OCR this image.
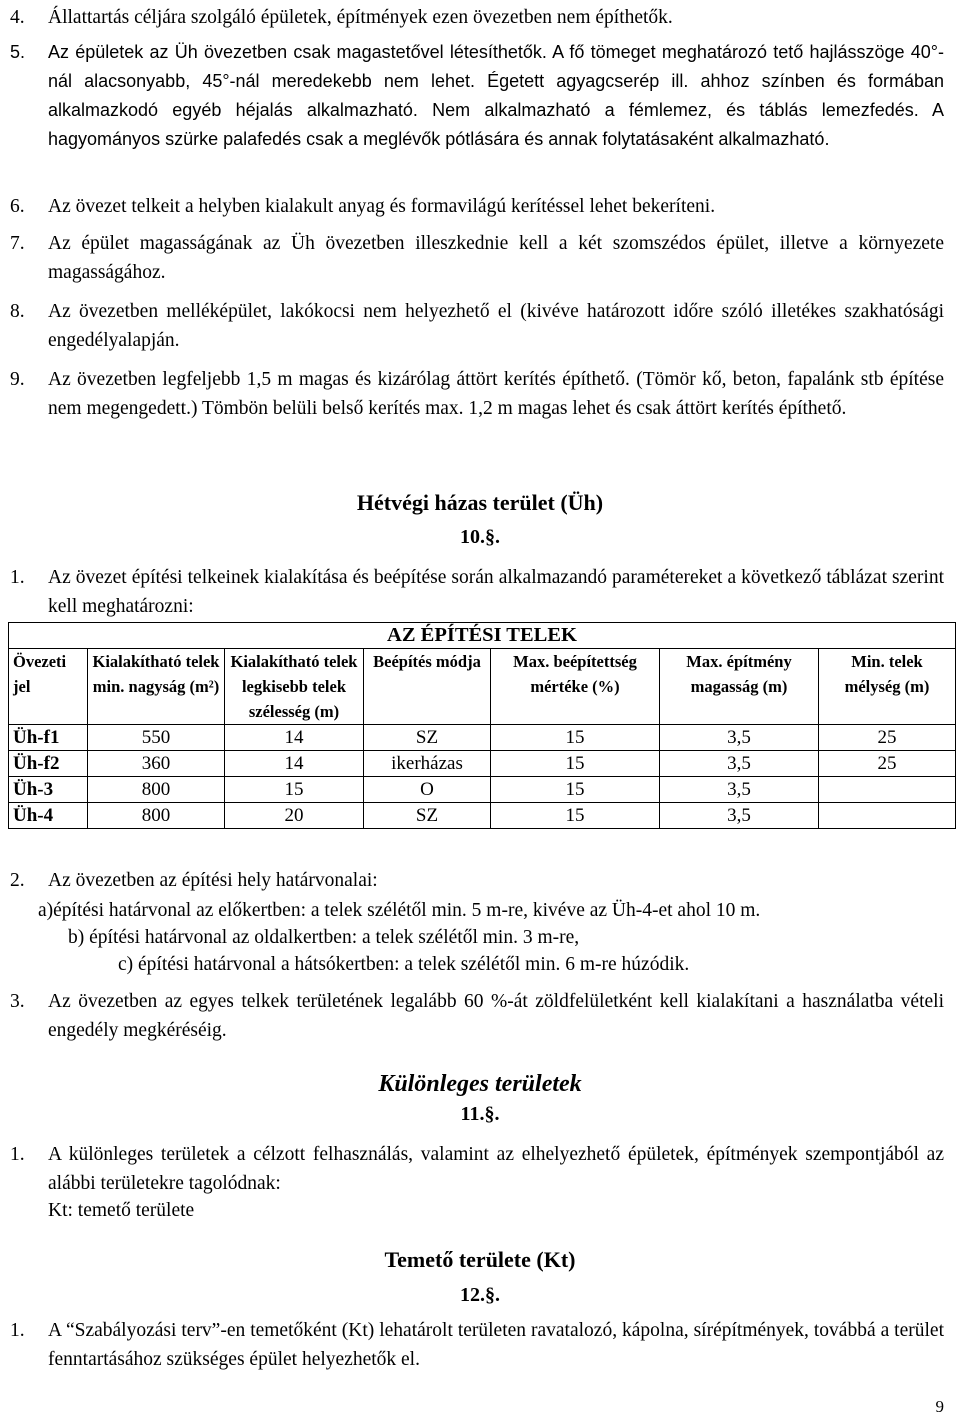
4. Állattartás céljára szolgáló épületek, építmények ezen övezetben nem építhetők.
5. Az épületek az Üh övezetben csak magastetővel létesíthetők. A fő tömeget meghatározó tető hajlásszöge 40°-nál alacsonyabb, 45°-nál meredekebb nem lehet. Égetett agyagcserép ill. ahhoz színben és formában alkalmazkodó egyéb héjalás alkalmazható. Nem alkalmazható a fémlemez, és táblás lemezfedés. A hagyományos szürke palafedés csak a meglévők pótlására és annak folytatásaként alkalmazható.
6. Az övezet telkeit a helyben kialakult anyag és formavilágú kerítéssel lehet bekeríteni.
7. Az épület magasságának az Üh övezetben illeszkednie kell a két szomszédos épület, illetve a környezete magasságához.
8. Az övezetben melléképület, lakókocsi nem helyezhető el (kivéve határozott időre szóló illetékes szakhatósági engedélyalapján.
9. Az övezetben legfeljebb 1,5 m magas és kizárólag áttört kerítés építhető. (Tömör kő, beton, fapalánk stb építése nem megengedett.) Tömbön belüli belső kerítés max. 1,2 m magas lehet és csak áttört kerítés építhető.
Hétvégi házas terület (Üh)
10.§.
1. Az övezet építési telkeinek kialakítása és beépítése során alkalmazandó paramétereket a következő táblázat szerint kell meghatározni:
AZ ÉPÍTÉSI TELEK						
Övezeti jel	Kialakítható telek min. nagyság (m²)	Kialakítható telek legkisebb telek szélesség (m)	Beépítés módja	Max. beépítettség mértéke (%)	Max. építmény magasság (m)	Min. telek mélység (m)
Üh-f1	550	14	SZ	15	3,5	25
Üh-f2	360	14	ikerházas	15	3,5	25
Üh-3	800	15	O	15	3,5	
Üh-4	800	20	SZ	15	3,5	
2. Az övezetben az építési hely határvonalai:
a)építési határvonal az előkertben: a telek szélétől min. 5 m-re, kivéve az Üh-4-et ahol 10 m.
b) építési határvonal az oldalkertben: a telek szélétől min. 3 m-re,
c) építési határvonal a hátsókertben: a telek szélétől min. 6 m-re húzódik.
3. Az övezetben az egyes telkek területének legalább 60 %-át zöldfelületként kell kialakítani a használatba vételi engedély megkéréséig.
Különleges területek
11.§.
1. A különleges területek a célzott felhasználás, valamint az elhelyezhető épületek, építmények szempontjából az alábbi területekre tagolódnak:
Kt: temető területe
Temető területe (Kt)
12.§.
1. A “Szabályozási terv”-en temetőként (Kt) lehatárolt területen ravatalozó, kápolna, sírépítmények, továbbá a terület fenntartásához szükséges épület helyezhetők el.
9
